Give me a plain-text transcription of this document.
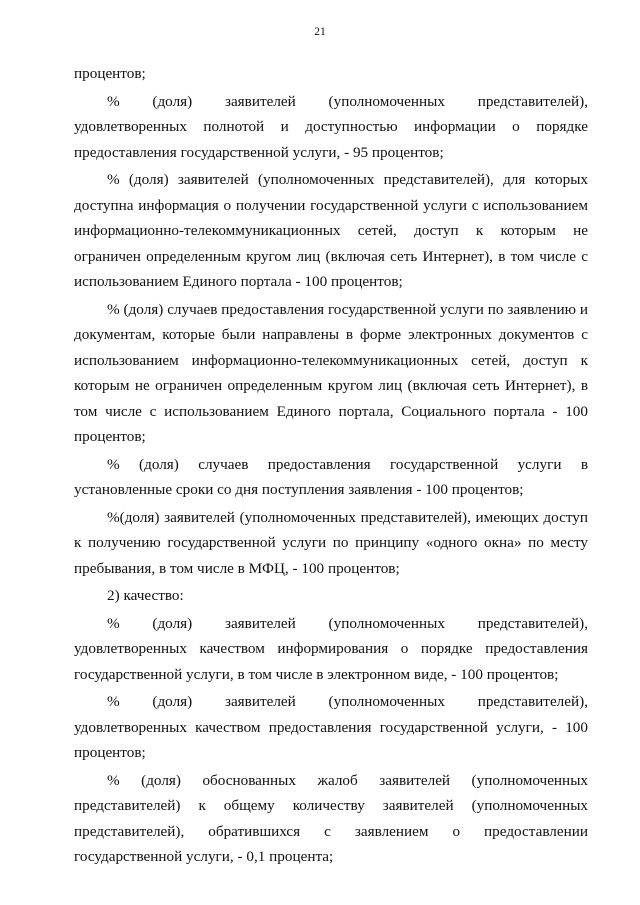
21

процентов;

% (доля) заявителей (уполномоченных представителей), удовлетворенных полнотой и доступностью информации о порядке предоставления государственной услуги, - 95 процентов;

% (доля) заявителей (уполномоченных представителей), для которых доступна информация о получении государственной услуги с использованием информационно-телекоммуникационных сетей, доступ к которым не ограничен определенным кругом лиц (включая сеть Интернет), в том числе с использованием Единого портала - 100 процентов;

% (доля) случаев предоставления государственной услуги по заявлению и документам, которые были направлены в форме электронных документов с использованием информационно-телекоммуникационных сетей, доступ к которым не ограничен определенным кругом лиц (включая сеть Интернет), в том числе с использованием Единого портала, Социального портала - 100 процентов;

% (доля) случаев предоставления государственной услуги в установленные сроки со дня поступления заявления - 100 процентов;

%(доля) заявителей (уполномоченных представителей), имеющих доступ к получению государственной услуги по принципу «одного окна» по месту пребывания, в том числе в МФЦ, - 100 процентов;

2) качество:

% (доля) заявителей (уполномоченных представителей), удовлетворенных качеством информирования о порядке предоставления государственной услуги, в том числе в электронном виде, - 100 процентов;

% (доля) заявителей (уполномоченных представителей), удовлетворенных качеством предоставления государственной услуги, - 100 процентов;

% (доля) обоснованных жалоб заявителей (уполномоченных представителей) к общему количеству заявителей (уполномоченных представителей), обратившихся с заявлением о предоставлении государственной услуги, - 0,1 процента;
